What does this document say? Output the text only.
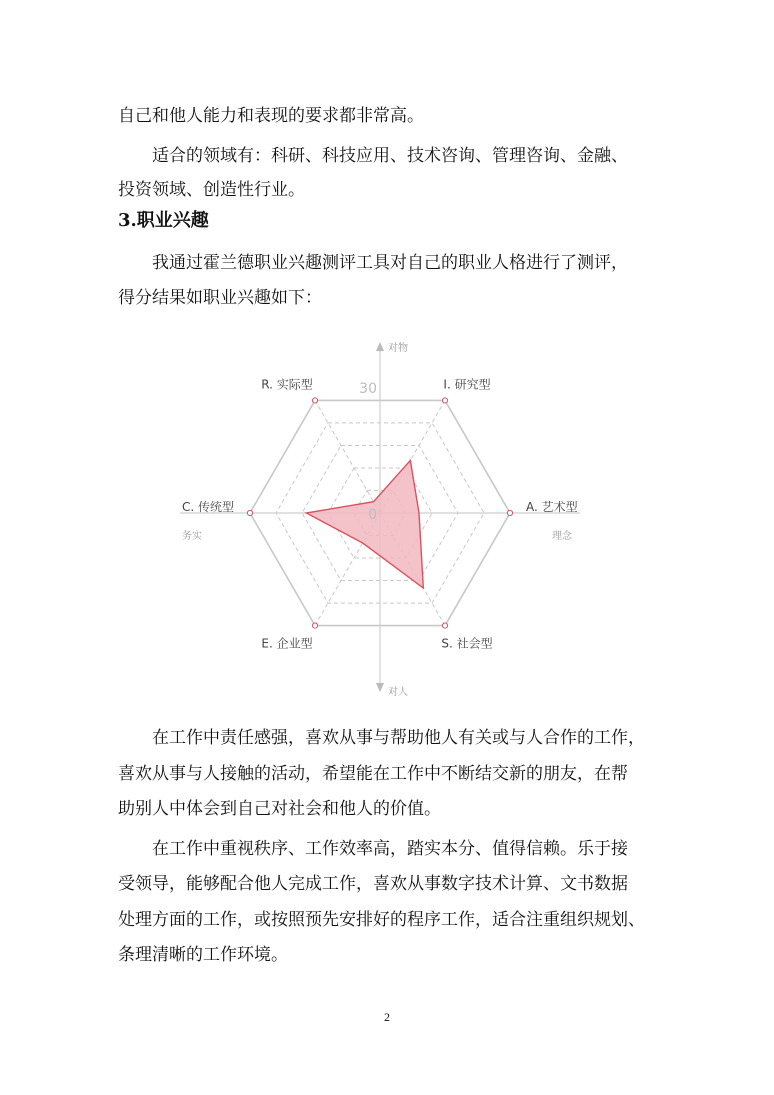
自己和他人能力和表现的要求都非常高。
适合的领域有：科研、科技应用、技术咨询、管理咨询、金融、
投资领域、创造性行业。
3.职业兴趣
我通过霍兰德职业兴趣测评工具对自己的职业人格进行了测评，
得分结果如职业兴趣如下：
R. 实际型	I. 研究型
A. 艺术型
S. 社会型
E. 企业型
C. 传统型	0
30
对物
对人
务实	理念
在工作中责任感强，喜欢从事与帮助他人有关或与人合作的工作，
喜欢从事与人接触的活动，希望能在工作中不断结交新的朋友，在帮
助别人中体会到自己对社会和他人的价值。
在工作中重视秩序、工作效率高，踏实本分、值得信赖。乐于接
受领导，能够配合他人完成工作，喜欢从事数字技术计算、文书数据
处理方面的工作，或按照预先安排好的程序工作，适合注重组织规划、
条理清晰的工作环境。
2
